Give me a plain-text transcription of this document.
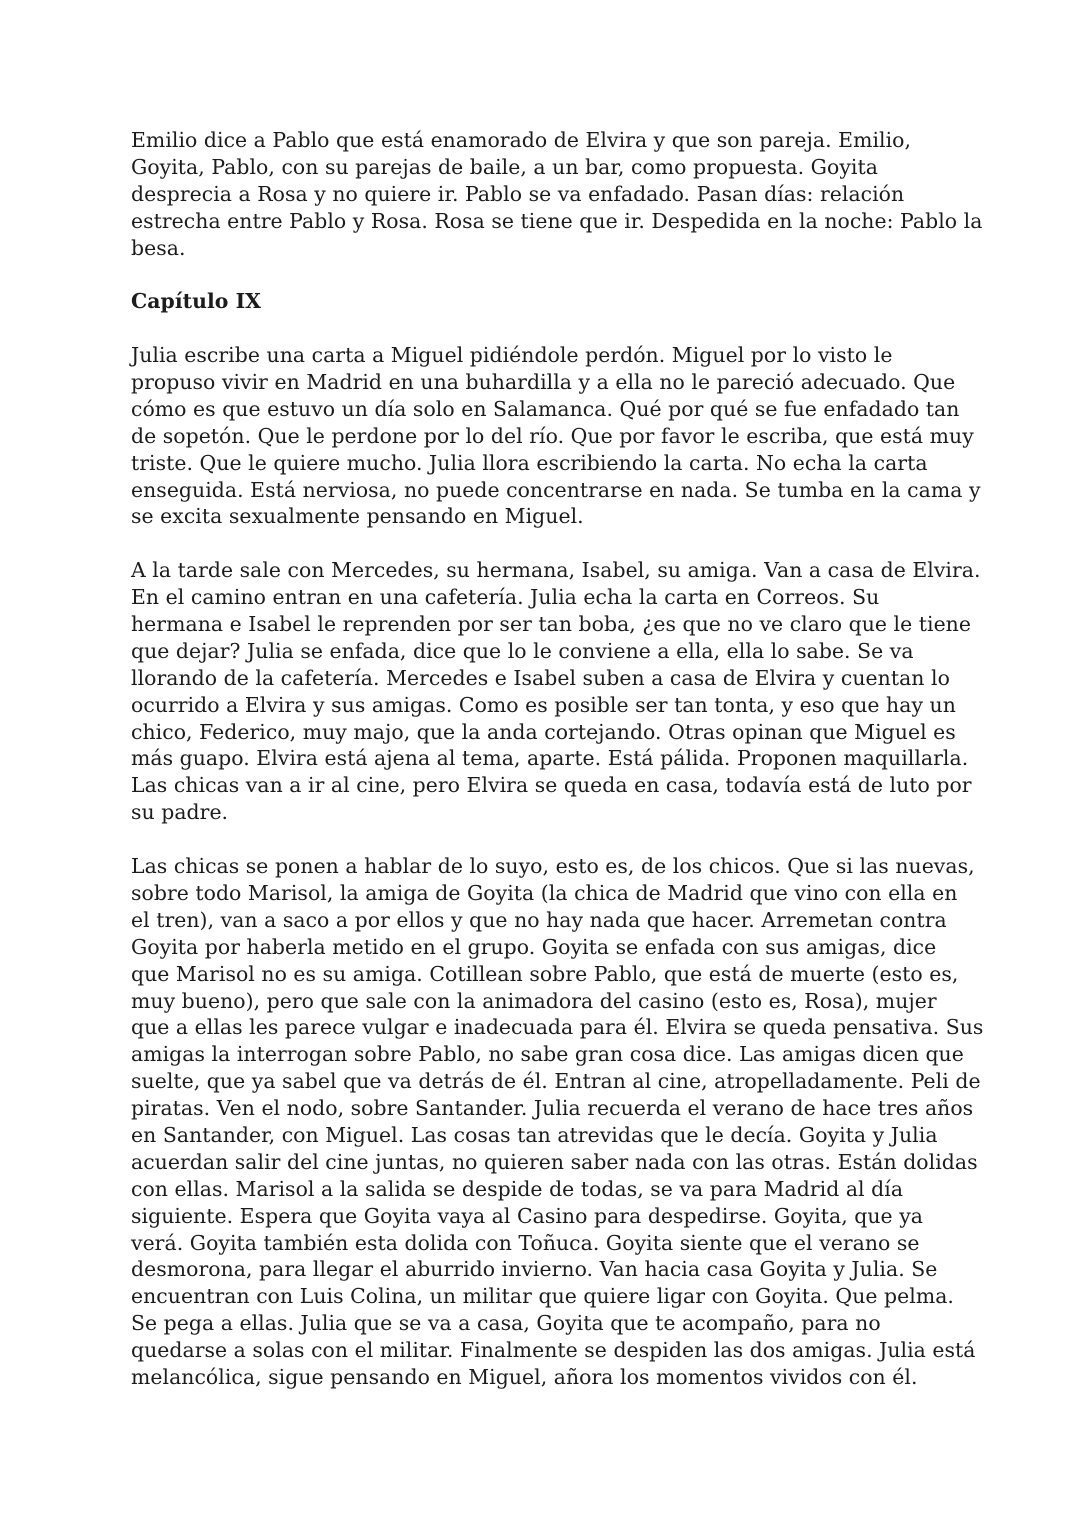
Emilio dice a Pablo que está enamorado de Elvira y que son pareja. Emilio,
Goyita, Pablo, con su parejas de baile, a un bar, como propuesta. Goyita
desprecia a Rosa y no quiere ir. Pablo se va enfadado. Pasan días: relación
estrecha entre Pablo y Rosa. Rosa se tiene que ir. Despedida en la noche: Pablo la
besa.
Capítulo IX
Julia escribe una carta a Miguel pidiéndole perdón. Miguel por lo visto le
propuso vivir en Madrid en una buhardilla y a ella no le pareció adecuado. Que
cómo es que estuvo un día solo en Salamanca. Qué por qué se fue enfadado tan
de sopetón. Que le perdone por lo del río. Que por favor le escriba, que está muy
triste. Que le quiere mucho. Julia llora escribiendo la carta. No echa la carta
enseguida. Está nerviosa, no puede concentrarse en nada. Se tumba en la cama y
se excita sexualmente pensando en Miguel.
A la tarde sale con Mercedes, su hermana, Isabel, su amiga. Van a casa de Elvira.
En el camino entran en una cafetería. Julia echa la carta en Correos. Su
hermana e Isabel le reprenden por ser tan boba, ¿es que no ve claro que le tiene
que dejar? Julia se enfada, dice que lo le conviene a ella, ella lo sabe. Se va
llorando de la cafetería. Mercedes e Isabel suben a casa de Elvira y cuentan lo
ocurrido a Elvira y sus amigas. Como es posible ser tan tonta, y eso que hay un
chico, Federico, muy majo, que la anda cortejando. Otras opinan que Miguel es
más guapo. Elvira está ajena al tema, aparte. Está pálida. Proponen maquillarla.
Las chicas van a ir al cine, pero Elvira se queda en casa, todavía está de luto por
su padre.
Las chicas se ponen a hablar de lo suyo, esto es, de los chicos. Que si las nuevas,
sobre todo Marisol, la amiga de Goyita (la chica de Madrid que vino con ella en
el tren), van a saco a por ellos y que no hay nada que hacer. Arremetan contra
Goyita por haberla metido en el grupo. Goyita se enfada con sus amigas, dice
que Marisol no es su amiga. Cotillean sobre Pablo, que está de muerte (esto es,
muy bueno), pero que sale con la animadora del casino (esto es, Rosa), mujer
que a ellas les parece vulgar e inadecuada para él. Elvira se queda pensativa. Sus
amigas la interrogan sobre Pablo, no sabe gran cosa dice. Las amigas dicen que
suelte, que ya sabel que va detrás de él. Entran al cine, atropelladamente. Peli de
piratas. Ven el nodo, sobre Santander. Julia recuerda el verano de hace tres años
en Santander, con Miguel. Las cosas tan atrevidas que le decía. Goyita y Julia
acuerdan salir del cine juntas, no quieren saber nada con las otras. Están dolidas
con ellas. Marisol a la salida se despide de todas, se va para Madrid al día
siguiente. Espera que Goyita vaya al Casino para despedirse. Goyita, que ya
verá. Goyita también esta dolida con Toñuca. Goyita siente que el verano se
desmorona, para llegar el aburrido invierno. Van hacia casa Goyita y Julia. Se
encuentran con Luis Colina, un militar que quiere ligar con Goyita. Que pelma.
Se pega a ellas. Julia que se va a casa, Goyita que te acompaño, para no
quedarse a solas con el militar. Finalmente se despiden las dos amigas. Julia está
melancólica, sigue pensando en Miguel, añora los momentos vividos con él.
